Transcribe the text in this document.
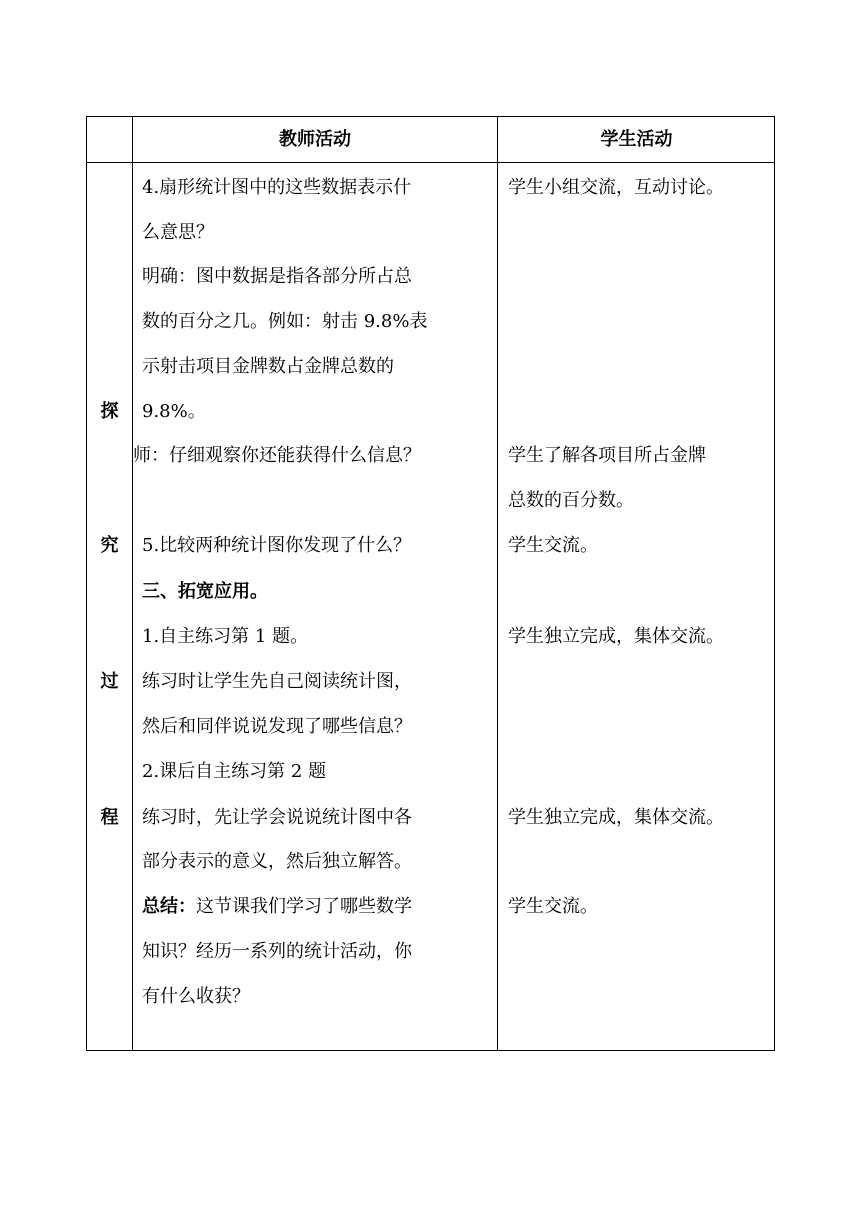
教师活动	学生活动
探
究
过
程
4.扇形统计图中的这些数据表示什
么意思？
明确：图中数据是指各部分所占总
数的百分之几。例如：射击 9.8%表
示射击项目金牌数占金牌总数的
9.8%。
师：仔细观察你还能获得什么信息？
5.比较两种统计图你发现了什么？
三、拓宽应用。
1.自主练习第 1 题。
练习时让学生先自己阅读统计图，
然后和同伴说说发现了哪些信息？
2.课后自主练习第 2 题
练习时，先让学会说说统计图中各
部分表示的意义，然后独立解答。
总结：这节课我们学习了哪些数学
知识？经历一系列的统计活动，你
有什么收获？
学生小组交流，互动讨论。
学生了解各项目所占金牌
总数的百分数。
学生交流。
学生独立完成，集体交流。
学生独立完成，集体交流。
学生交流。
